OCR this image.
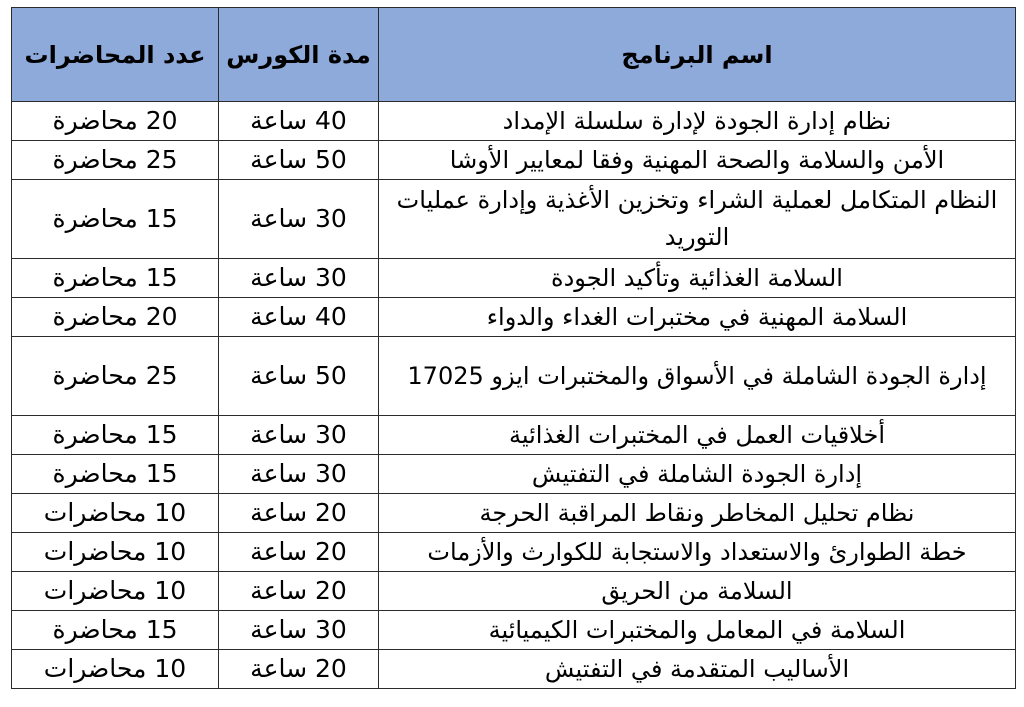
اسم البرنامج	مدة الكورس	عدد المحاضرات
نظام إدارة الجودة لإدارة سلسلة الإمداد	40 ساعة	20 محاضرة
الأمن والسلامة والصحة المهنية وفقا لمعايير الأوشا	50 ساعة	25 محاضرة
النظام المتكامل لعملية الشراء وتخزين الأغذية وإدارة عمليات التوريد	30 ساعة	15 محاضرة
السلامة الغذائية وتأكيد الجودة	30 ساعة	15 محاضرة
السلامة المهنية في مختبرات الغداء والدواء	40 ساعة	20 محاضرة
إدارة الجودة الشاملة في الأسواق والمختبرات ايزو 17025	50 ساعة	25 محاضرة
أخلاقيات العمل في المختبرات الغذائية	30 ساعة	15 محاضرة
إدارة الجودة الشاملة في التفتيش	30 ساعة	15 محاضرة
نظام تحليل المخاطر ونقاط المراقبة الحرجة	20 ساعة	10 محاضرات
خطة الطوارئ والاستعداد والاستجابة للكوارث والأزمات	20 ساعة	10 محاضرات
السلامة من الحريق	20 ساعة	10 محاضرات
السلامة في المعامل والمختبرات الكيميائية	30 ساعة	15 محاضرة
الأساليب المتقدمة في التفتيش	20 ساعة	10 محاضرات
